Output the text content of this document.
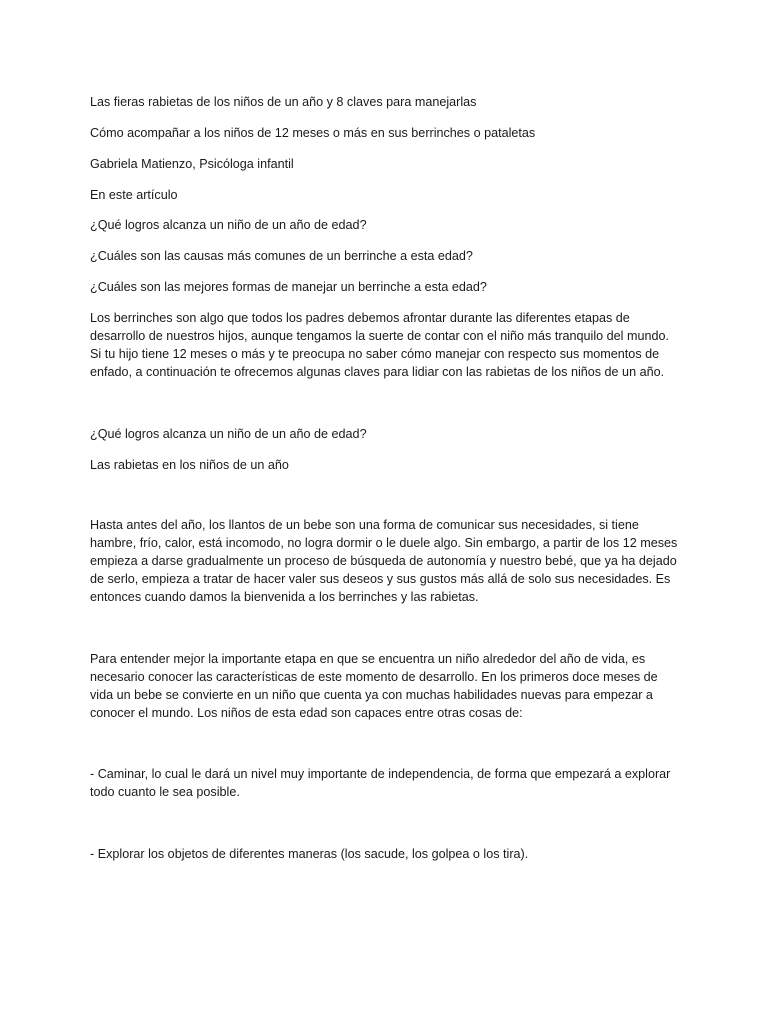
Las fieras rabietas de los niños de un año y 8 claves para manejarlas

Cómo acompañar a los niños de 12 meses o más en sus berrinches o pataletas

Gabriela Matienzo, Psicóloga infantil

En este artículo

¿Qué logros alcanza un niño de un año de edad?

¿Cuáles son las causas más comunes de un berrinche a esta edad?

¿Cuáles son las mejores formas de manejar un berrinche a esta edad?

Los berrinches son algo que todos los padres debemos afrontar durante las diferentes etapas de
desarrollo de nuestros hijos, aunque tengamos la suerte de contar con el niño más tranquilo del mundo.
Si tu hijo tiene 12 meses o más y te preocupa no saber cómo manejar con respecto sus momentos de
enfado, a continuación te ofrecemos algunas claves para lidiar con las rabietas de los niños de un año.

¿Qué logros alcanza un niño de un año de edad?

Las rabietas en los niños de un año

Hasta antes del año, los llantos de un bebe son una forma de comunicar sus necesidades, si tiene
hambre, frío, calor, está incomodo, no logra dormir o le duele algo. Sin embargo, a partir de los 12 meses
empieza a darse gradualmente un proceso de búsqueda de autonomía y nuestro bebé, que ya ha dejado
de serlo, empieza a tratar de hacer valer sus deseos y sus gustos más allá de solo sus necesidades. Es
entonces cuando damos la bienvenida a los berrinches y las rabietas.
Para entender mejor la importante etapa en que se encuentra un niño alrededor del año de vida, es
necesario conocer las características de este momento de desarrollo. En los primeros doce meses de
vida un bebe se convierte en un niño que cuenta ya con muchas habilidades nuevas para empezar a
conocer el mundo. Los niños de esta edad son capaces entre otras cosas de:
- Caminar, lo cual le dará un nivel muy importante de independencia, de forma que empezará a explorar
todo cuanto le sea posible.
- Explorar los objetos de diferentes maneras (los sacude, los golpea o los tira).
